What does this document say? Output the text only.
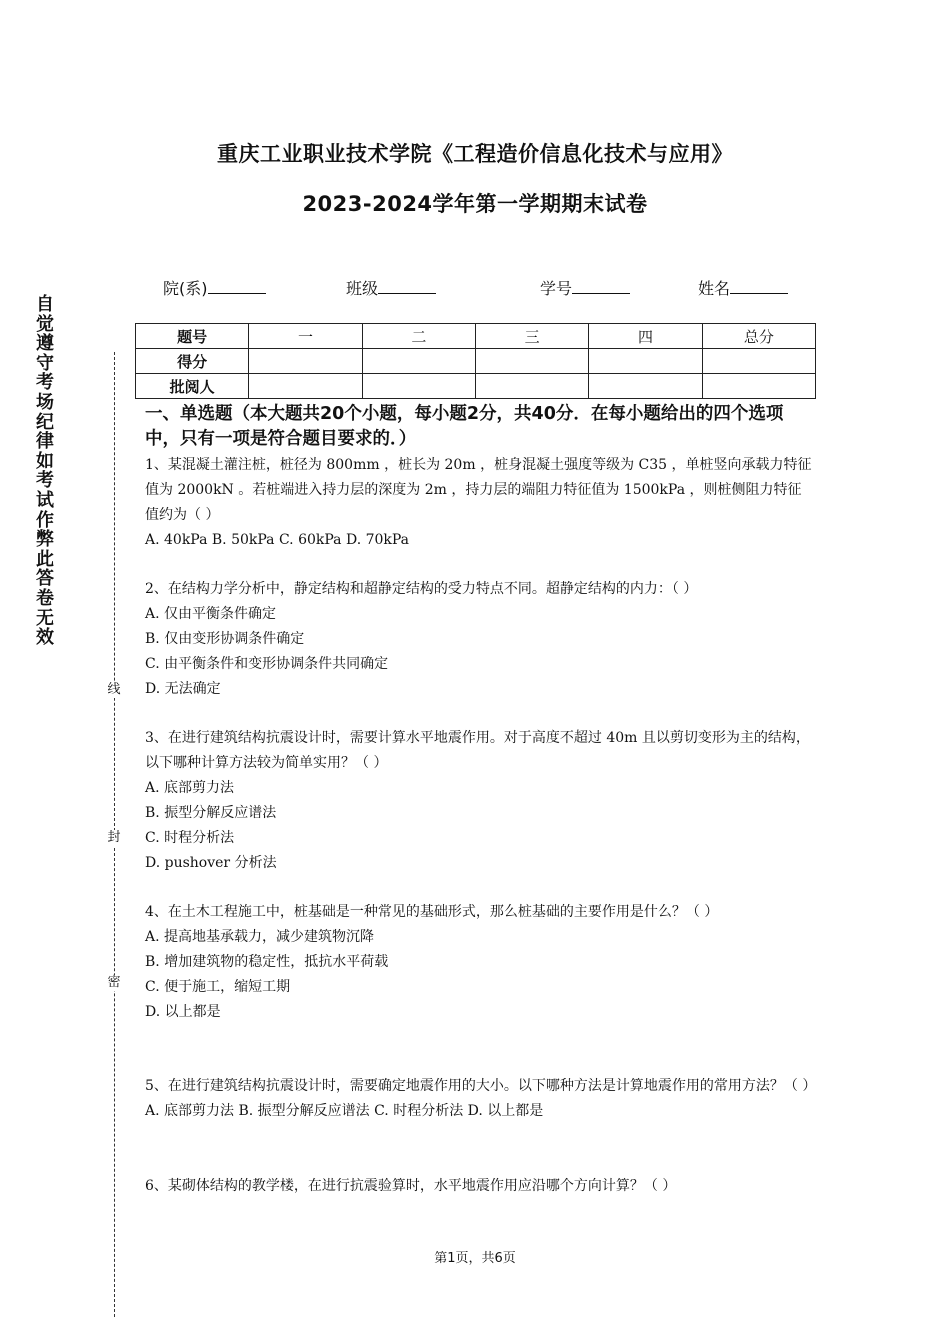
重庆工业职业技术学院《工程造价信息化技术与应用》
2023-2024学年第一学期期末试卷
院(系)	班级	学号	姓名
题号	一	二	三	四	总分
得分					
批阅人					
自
觉
遵
守
考
场
纪
律
如
考
试
作
弊
此
答
卷
无
效
线
封
密
一、单选题（本大题共20个小题，每小题2分，共40分．在每小题给出的四个选项中，只有一项是符合题目要求的．）

1、某混凝土灌注桩，桩径为 800mm ，桩长为 20m ，桩身混凝土强度等级为 C35 ，单桩竖向承载力特征值为 2000kN 。若桩端进入持力层的深度为 2m ，持力层的端阻力特征值为 1500kPa ，则桩侧阻力特征值约为（ ）

A. 40kPa B. 50kPa C. 60kPa D. 70kPa

2、在结构力学分析中，静定结构和超静定结构的受力特点不同。超静定结构的内力：（ ）

A. 仅由平衡条件确定

B. 仅由变形协调条件确定

C. 由平衡条件和变形协调条件共同确定

D. 无法确定

3、在进行建筑结构抗震设计时，需要计算水平地震作用。对于高度不超过 40m 且以剪切变形为主的结构，以下哪种计算方法较为简单实用？（ ）

A. 底部剪力法

B. 振型分解反应谱法

C. 时程分析法

D. pushover 分析法

4、在土木工程施工中，桩基础是一种常见的基础形式，那么桩基础的主要作用是什么？（ ）

A. 提高地基承载力，减少建筑物沉降

B. 增加建筑物的稳定性，抵抗水平荷载

C. 便于施工，缩短工期

D. 以上都是

5、在进行建筑结构抗震设计时，需要确定地震作用的大小。以下哪种方法是计算地震作用的常用方法？（ ）

A. 底部剪力法 B. 振型分解反应谱法 C. 时程分析法 D. 以上都是

6、某砌体结构的教学楼，在进行抗震验算时，水平地震作用应沿哪个方向计算？（ ）

第1页，共6页
